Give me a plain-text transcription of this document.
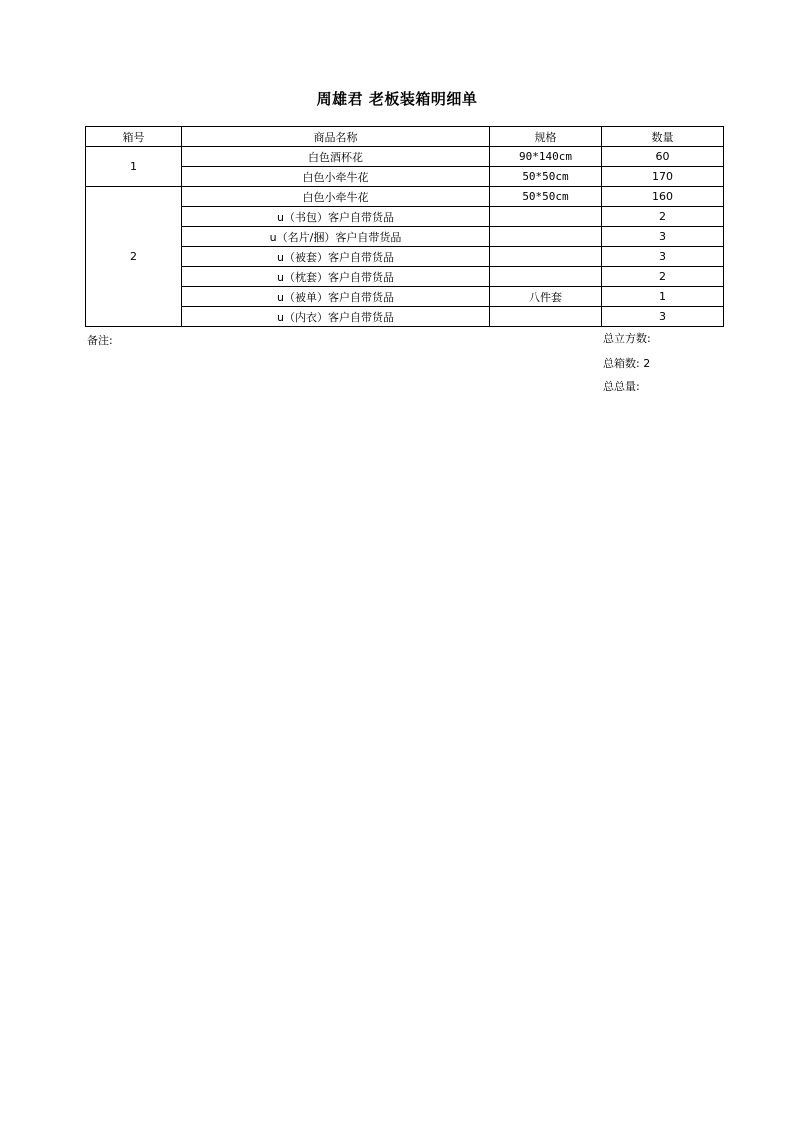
周雄君 老板装箱明细单
箱号	商品名称	规格	数量
1	白色酒杯花	90*140cm	60
	白色小牵牛花	50*50cm	170
2	白色小牵牛花	50*50cm	160
	u（书包）客户自带货品		2
	u（名片/捆）客户自带货品		3
	u（被套）客户自带货品		3
	u（枕套）客户自带货品		2
	u（被单）客户自带货品	八件套	1
	u（内衣）客户自带货品		3
备注:	总立方数:
总箱数: 2
总总量:
